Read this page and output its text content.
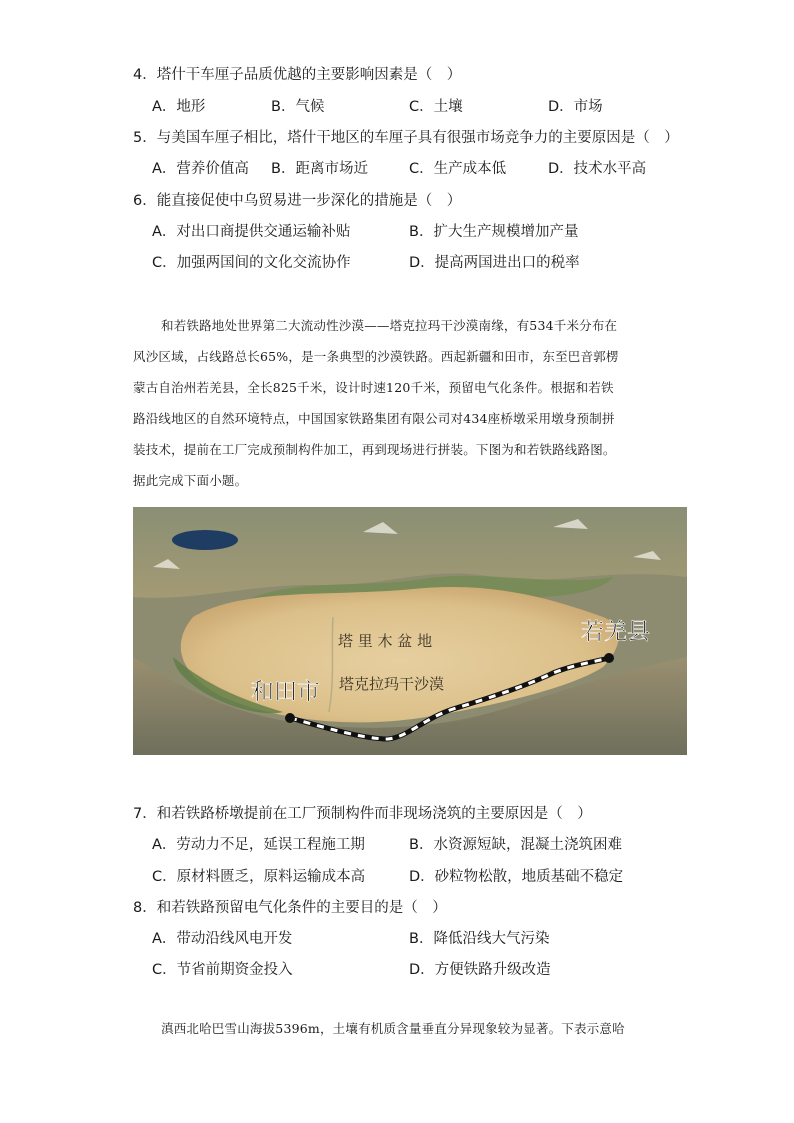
4．塔什干车厘子品质优越的主要影响因素是（　）
A．地形	B．气候	C．土壤	D．市场
5．与美国车厘子相比，塔什干地区的车厘子具有很强市场竞争力的主要原因是（　）
A．营养价值高 B．距离市场近	C．生产成本低	D．技术水平高
6．能直接促使中乌贸易进一步深化的措施是（　）
A．对出口商提供交通运输补贴	B．扩大生产规模增加产量
C．加强两国间的文化交流协作	D．提高两国进出口的税率
和若铁路地处世界第二大流动性沙漠——塔克拉玛干沙漠南缘，有534千米分布在
风沙区域，占线路总长65%，是一条典型的沙漠铁路。西起新疆和田市，东至巴音郭楞
蒙古自治州若羌县，全长825千米，设计时速120千米，预留电气化条件。根据和若铁
路沿线地区的自然环境特点，中国国家铁路集团有限公司对434座桥墩采用墩身预制拼
装技术，提前在工厂完成预制构件加工，再到现场进行拼装。下图为和若铁路线路图。
据此完成下面小题。
塔 里 木 盆 地
塔克拉玛干沙漠
和田市
若羌县
7．和若铁路桥墩提前在工厂预制构件而非现场浇筑的主要原因是（　）
A．劳动力不足，延误工程施工期	B．水资源短缺，混凝土浇筑困难
C．原材料匮乏，原料运输成本高	D．砂粒物松散，地质基础不稳定
8．和若铁路预留电气化条件的主要目的是（　）
A．带动沿线风电开发	B．降低沿线大气污染
C．节省前期资金投入	D．方便铁路升级改造
滇西北哈巴雪山海拔5396m，土壤有机质含量垂直分异现象较为显著。下表示意哈
